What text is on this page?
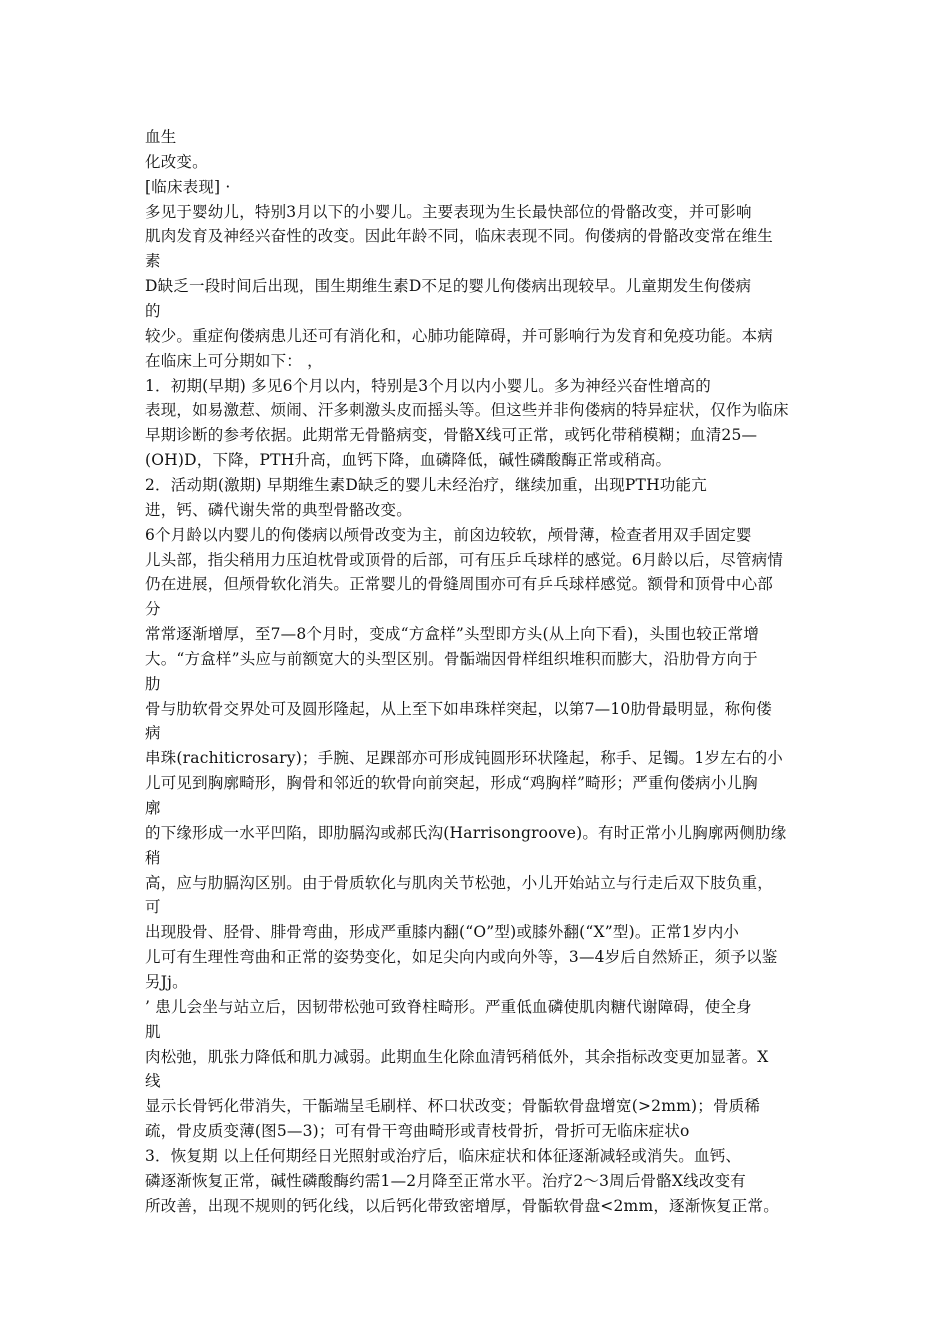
血生
化改变。
[临床表现] ·
多见于婴幼儿，特别3月以下的小婴儿。主要表现为生长最快部位的骨骼改变，并可影响
肌肉发育及神经兴奋性的改变。因此年龄不同，临床表现不同。佝偻病的骨骼改变常在维生
素
D缺乏一段时间后出现，围生期维生素D不足的婴儿佝偻病出现较早。儿童期发生佝偻病
的
较少。重症佝偻病患儿还可有消化和，心肺功能障碍，并可影响行为发育和免疫功能。本病
在临床上可分期如下： ，
1．初期(早期) 多见6个月以内，特别是3个月以内小婴儿。多为神经兴奋性增高的
表现，如易激惹、烦闹、汗多刺激头皮而摇头等。但这些并非佝偻病的特异症状，仅作为临床
早期诊断的参考依据。此期常无骨骼病变，骨骼X线可正常，或钙化带稍模糊；血清25—
(OH)D，下降，PTH升高，血钙下降，血磷降低，碱性磷酸酶正常或稍高。
2．活动期(激期) 早期维生素D缺乏的婴儿未经治疗，继续加重，出现PTH功能亢
进，钙、磷代谢失常的典型骨骼改变。
6个月龄以内婴儿的佝偻病以颅骨改变为主，前囟边较软，颅骨薄，检查者用双手固定婴
儿头部，指尖稍用力压迫枕骨或顶骨的后部，可有压乒乓球样的感觉。6月龄以后，尽管病情
仍在进展，但颅骨软化消失。正常婴儿的骨缝周围亦可有乒乓球样感觉。额骨和顶骨中心部
分
常常逐渐增厚，至7—8个月时，变成“方盒样”头型即方头(从上向下看)，头围也较正常增
大。“方盒样”头应与前额宽大的头型区别。骨骺端因骨样组织堆积而膨大，沿肋骨方向于
肋
骨与肋软骨交界处可及圆形隆起，从上至下如串珠样突起，以第7—10肋骨最明显，称佝偻
病
串珠(rachiticrosary)；手腕、足踝部亦可形成钝圆形环状隆起，称手、足镯。1岁左右的小
儿可见到胸廓畸形，胸骨和邻近的软骨向前突起，形成“鸡胸样”畸形；严重佝偻病小儿胸
廓
的下缘形成一水平凹陷，即肋膈沟或郝氏沟(Harrisongroove)。有时正常小儿胸廓两侧肋缘
稍
高，应与肋膈沟区别。由于骨质软化与肌肉关节松弛，小儿开始站立与行走后双下肢负重，
可
出现股骨、胫骨、腓骨弯曲，形成严重膝内翻(“O”型)或膝外翻(“X”型)。正常1岁内小
儿可有生理性弯曲和正常的姿势变化，如足尖向内或向外等，3—4岁后自然矫正，须予以鉴
另Jj。
’ 患儿会坐与站立后，因韧带松弛可致脊柱畸形。严重低血磷使肌肉糖代谢障碍，使全身
肌
肉松弛，肌张力降低和肌力减弱。此期血生化除血清钙稍低外，其余指标改变更加显著。X
线
显示长骨钙化带消失，干骺端呈毛刷样、杯口状改变；骨骺软骨盘增宽(>2mm)；骨质稀
疏，骨皮质变薄(图5—3)；可有骨干弯曲畸形或青枝骨折，骨折可无临床症状o
3．恢复期 以上任何期经日光照射或治疗后，临床症状和体征逐渐减轻或消失。血钙、
磷逐渐恢复正常，碱性磷酸酶约需1—2月降至正常水平。治疗2～3周后骨骼X线改变有
所改善，出现不规则的钙化线，以后钙化带致密增厚，骨骺软骨盘<2mm，逐渐恢复正常。
